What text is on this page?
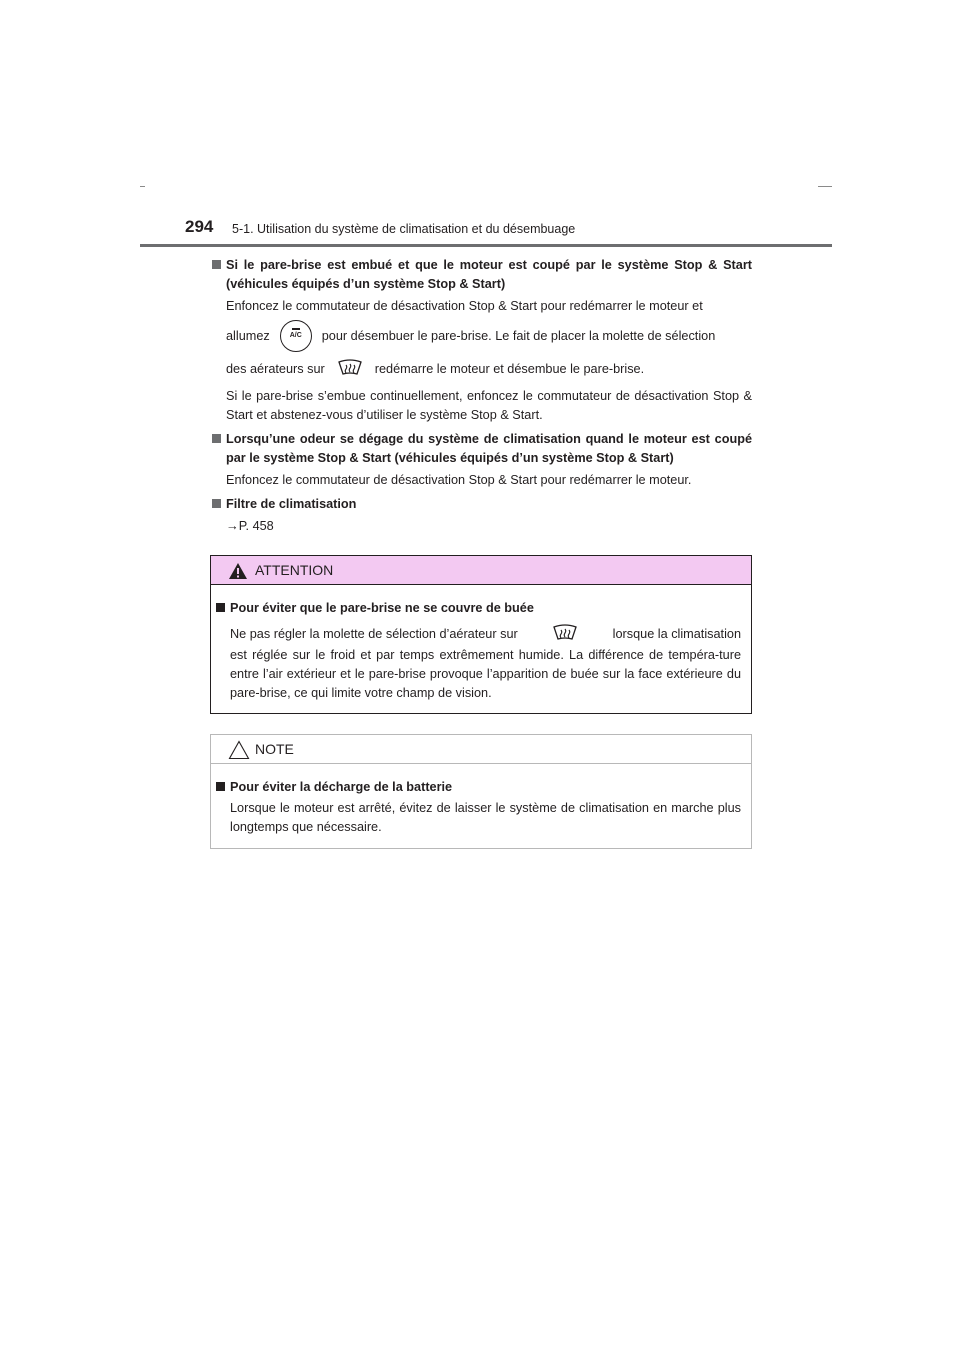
294 5-1. Utilisation du système de climatisation et du désembuage
Si le pare-brise est embué et que le moteur est coupé par le système Stop & Start (véhicules équipés d’un système Stop & Start)
Enfoncez le commutateur de désactivation Stop & Start pour redémarrer le moteur et
allumez	A/C	pour désembuer le pare-brise. Le fait de placer la molette de sélection
des aérateurs sur	redémarre le moteur et désembue le pare-brise.
Si le pare-brise s’embue continuellement, enfoncez le commutateur de désactivation Stop & Start et abstenez-vous d’utiliser le système Stop & Start.
Lorsqu’une odeur se dégage du système de climatisation quand le moteur est coupé par le système Stop & Start (véhicules équipés d’un système Stop & Start)
Enfoncez le commutateur de désactivation Stop & Start pour redémarrer le moteur.
Filtre de climatisation
→P. 458
ATTENTION
Pour éviter que le pare-brise ne se couvre de buée
Ne pas régler la molette de sélection d’aérateur sur	lorsque la climatisation
est réglée sur le froid et par temps extrêmement humide. La différence de tempéra-ture entre l’air extérieur et le pare-brise provoque l’apparition de buée sur la face extérieure du pare-brise, ce qui limite votre champ de vision.
NOTE
Pour éviter la décharge de la batterie
Lorsque le moteur est arrêté, évitez de laisser le système de climatisation en marche plus longtemps que nécessaire.
